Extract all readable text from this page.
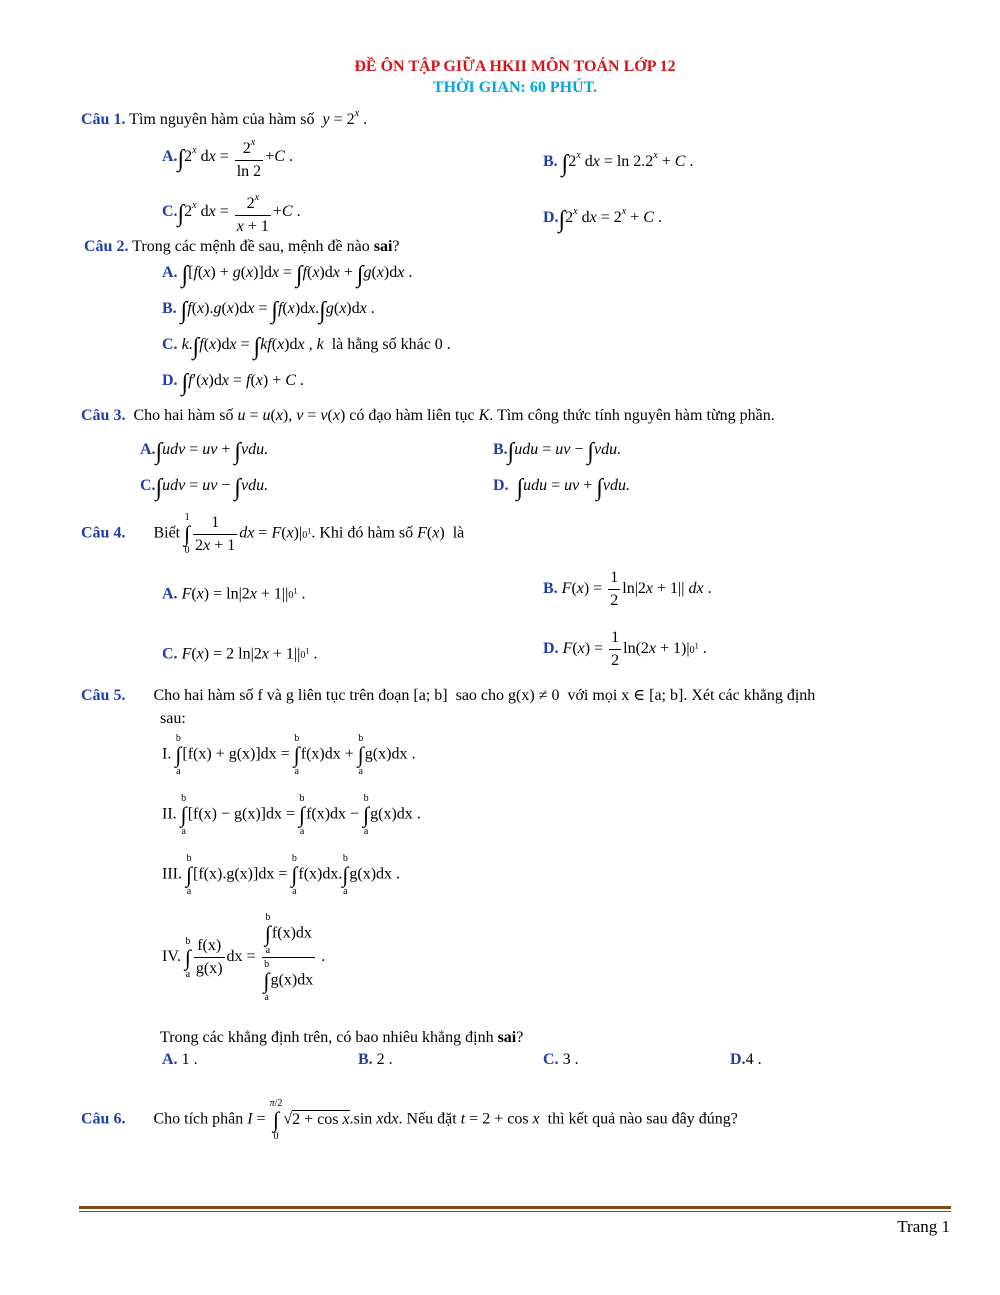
ĐỀ ÔN TẬP GIỮA HKII MÔN TOÁN LỚP 12
THỜI GIAN: 60 PHÚT.
Câu 1. Tìm nguyên hàm của hàm số  $y = 2^x$ .
A.∫2$^x$ dx = $\frac{2^x}{\ln 2} +C$ .	B. ∫2$^x$ dx = $\ln 2.2^x + C$ .
C.∫2$^x$ dx = $\frac{2^x}{x + 1} +C$ .	D.∫2$^x$ dx = $2^x + C$ .
Câu 2. Trong các mệnh đề sau, mệnh đề nào sai?
A. ∫[f(x) + g(x)]dx = ∫f(x)dx + ∫g(x)dx .
B. ∫f(x).g(x)dx = ∫f(x)dx.∫g(x)dx .
C. k.∫f(x)dx = ∫kf(x)dx , k là hằng số khác 0 .
D. ∫f′(x)dx = f(x) + C .
Câu 3. Cho hai hàm số u = u(x), v = v(x) có đạo hàm liên tục K. Tìm công thức tính nguyên hàm từng phần.
A.∫udv = uv + ∫vdu.	B.∫udu = uv − ∫vdu.
C.∫udv = uv − ∫vdu.	D. ∫udu = uv + ∫vdu.
Câu 4. Biết 1
∫
$0 \frac{1}{2x + 1}$ dx = $F(x)|0^1$. Khi đó hàm số F(x)  là
A. $F(x) = \ln|2x + 1||0^1$ .	B. $F(x) = \frac{1}{2} \ln|2x + 1||$ dx .
C. F(x) = 2 $\ln|2x + 1||0^1$ .	D. $F(x) = \frac{1}{2} \ln(2x + 1)|0^1$ .
Câu 5. Cho hai hàm số f và g liên tục trên đoạn [a; b]  sao cho g(x) ≠ 0  với mọi x ∈ [a; b]. Xét các khẳng định
sau:
I. b
∫
a[f(x) + g(x)]dx = b
∫
af(x)dx + b
∫
ag(x)dx .
II. b
∫
a[f(x) − g(x)]dx = b
∫
af(x)dx − b
∫
ag(x)dx .
III. b
∫
a[f(x).g(x)]dx = b
∫
af(x)dx.b
∫
ag(x)dx .
IV. b
∫
a $\frac{f(x)}{g(x)}$ dx = b
∫
af(x)dx
b
∫
ag(x)dx .
Trong các khẳng định trên, có bao nhiêu khẳng định sai?
A. 1 .	B. 2 .	C. 3 .	D.4 .
Câu 6. Cho tích phân I = π/2
∫
0√2 + cos x.sin xdx. Nếu đặt t = 2 + cos x thì kết quả nào sau đây đúng?
Trang 1
